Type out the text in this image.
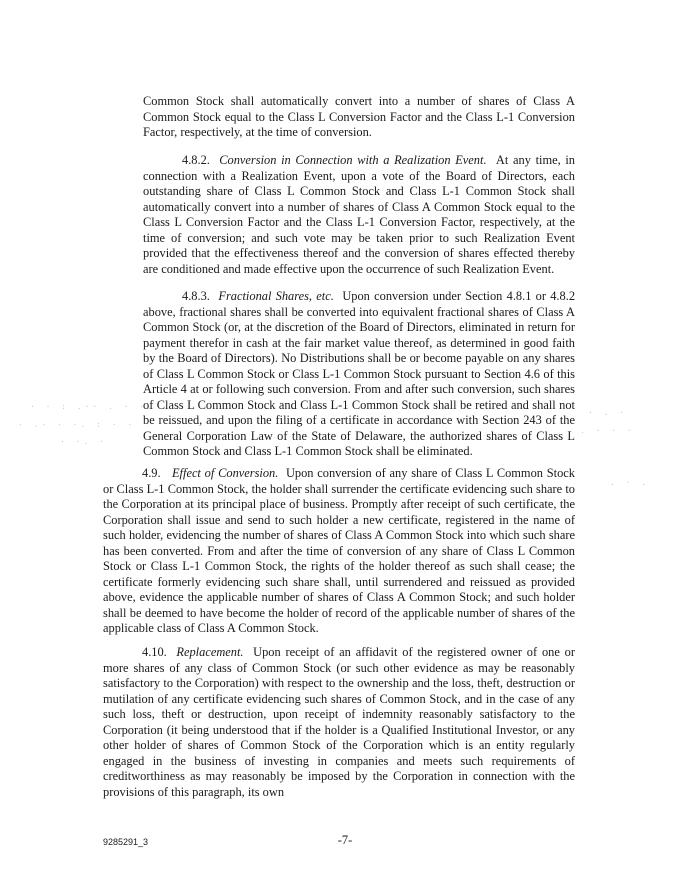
Common Stock shall automatically convert into a number of shares of Class A Common Stock equal to the Class L Conversion Factor and the Class L-1 Conversion Factor, respectively, at the time of conversion.

4.8.2. Conversion in Connection with a Realization Event. At any time, in connection with a Realization Event, upon a vote of the Board of Directors, each outstanding share of Class L Common Stock and Class L-1 Common Stock shall automatically convert into a number of shares of Class A Common Stock equal to the Class L Conversion Factor and the Class L-1 Conversion Factor, respectively, at the time of conversion; and such vote may be taken prior to such Realization Event provided that the effectiveness thereof and the conversion of shares effected thereby are conditioned and made effective upon the occurrence of such Realization Event.

4.8.3. Fractional Shares, etc. Upon conversion under Section 4.8.1 or 4.8.2 above, fractional shares shall be converted into equivalent fractional shares of Class A Common Stock (or, at the discretion of the Board of Directors, eliminated in return for payment therefor in cash at the fair market value thereof, as determined in good faith by the Board of Directors). No Distributions shall be or become payable on any shares of Class L Common Stock or Class L-1 Common Stock pursuant to Section 4.6 of this Article 4 at or following such conversion. From and after such conversion, such shares of Class L Common Stock and Class L-1 Common Stock shall be retired and shall not be reissued, and upon the filing of a certificate in accordance with Section 243 of the General Corporation Law of the State of Delaware, the authorized shares of Class L Common Stock and Class L-1 Common Stock shall be eliminated.

4.9. Effect of Conversion. Upon conversion of any share of Class L Common Stock or Class L-1 Common Stock, the holder shall surrender the certificate evidencing such share to the Corporation at its principal place of business. Promptly after receipt of such certificate, the Corporation shall issue and send to such holder a new certificate, registered in the name of such holder, evidencing the number of shares of Class A Common Stock into which such share has been converted. From and after the time of conversion of any share of Class L Common Stock or Class L-1 Common Stock, the rights of the holder thereof as such shall cease; the certificate formerly evidencing such share shall, until surrendered and reissued as provided above, evidence the applicable number of shares of Class A Common Stock; and such holder shall be deemed to have become the holder of record of the applicable number of shares of the applicable class of Class A Common Stock.

4.10. Replacement. Upon receipt of an affidavit of the registered owner of one or more shares of any class of Common Stock (or such other evidence as may be reasonably satisfactory to the Corporation) with respect to the ownership and the loss, theft, destruction or mutilation of any certificate evidencing such shares of Common Stock, and in the case of any such loss, theft or destruction, upon receipt of indemnity reasonably satisfactory to the Corporation (it being understood that if the holder is a Qualified Institutional Investor, or any other holder of shares of Common Stock of the Corporation which is an entity regularly engaged in the business of investing in companies and meets such requirements of creditworthiness as may reasonably be imposed by the Corporation in connection with the provisions of this paragraph, its own

· · : .·· . · ·.
· .· · ·. : · ·
· ·. ·
· . ·
. · · ·
. · .
9285291_3	-7-
